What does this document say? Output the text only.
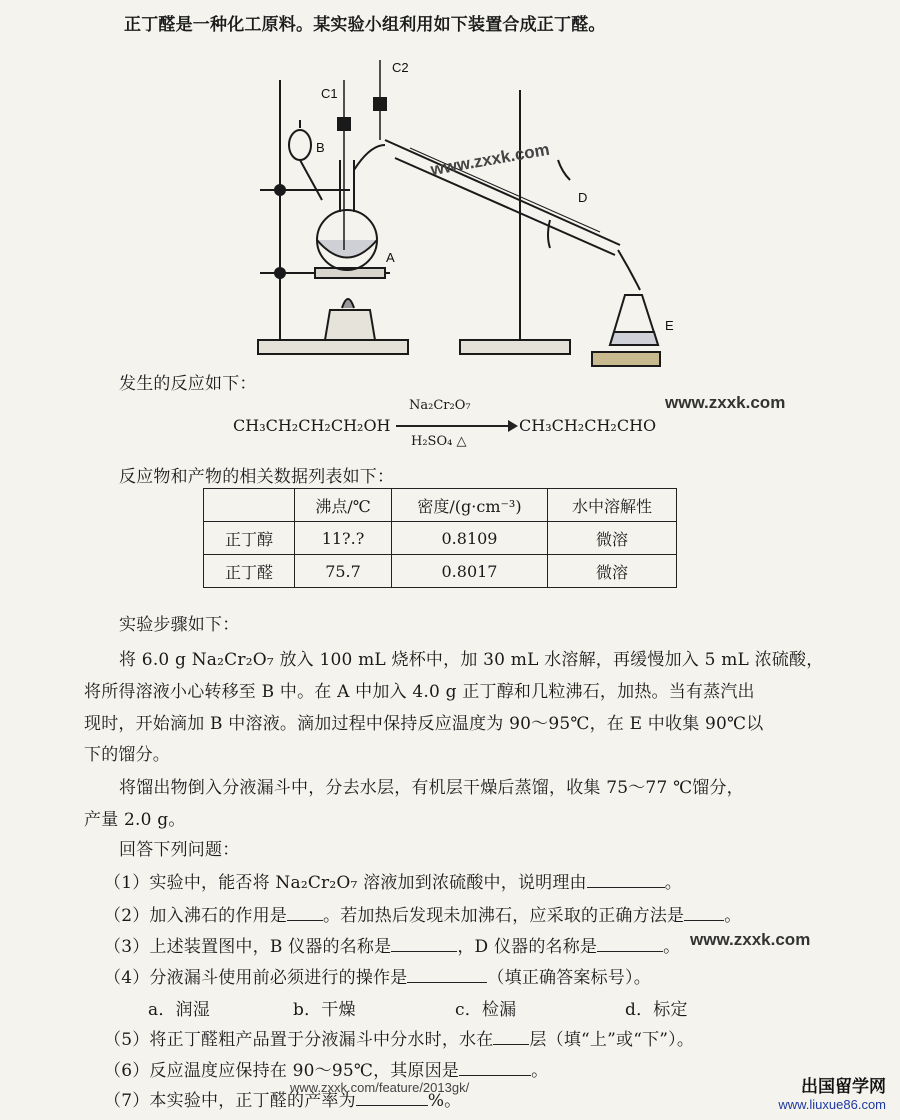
正丁醛是一种化工原料。某实验小组利用如下装置合成正丁醛。
C1
C2
B
A
D
E
发生的反应如下：
CH₃CH₂CH₂CH₂OH
Na₂Cr₂O₇
H₂SO₄ △
CH₃CH₂CH₂CHO
反应物和产物的相关数据列表如下：
	沸点/℃	密度/(g·cm⁻³)	水中溶解性
正丁醇	11?.?	0.8109	微溶
正丁醛	75.7	0.8017	微溶
实验步骤如下：
将 6.0 g Na₂Cr₂O₇ 放入 100 mL 烧杯中，加 30 mL 水溶解，再缓慢加入 5 mL 浓硫酸，
将所得溶液小心转移至 B 中。在 A 中加入 4.0 g 正丁醇和几粒沸石，加热。当有蒸汽出
现时，开始滴加 B 中溶液。滴加过程中保持反应温度为 90～95℃，在 E 中收集 90℃以
下的馏分。
将馏出物倒入分液漏斗中，分去水层，有机层干燥后蒸馏，收集 75～77 ℃馏分，
产量 2.0 g。
回答下列问题：
（1）实验中，能否将 Na₂Cr₂O₇ 溶液加到浓硫酸中，说明理由	。
（2）加入沸石的作用是 。若加热后发现未加沸石，应采取的正确方法是 。
（3）上述装置图中，B 仪器的名称是	，D 仪器的名称是	。
（4）分液漏斗使用前必须进行的操作是	（填正确答案标号）。
a．润湿	b．干燥	c．检漏	d．标定
（5）将正丁醛粗产品置于分液漏斗中分水时，水在 层（填“上”或“下”）。
（6）反应温度应保持在 90～95℃，其原因是	。
（7）本实验中，正丁醛的产率为	%。
www.zxxk.com
www.zxxk.com
www.zxxk.com
www.zxxk.com/feature/2013gk/	出国留学网
www.liuxue86.com
